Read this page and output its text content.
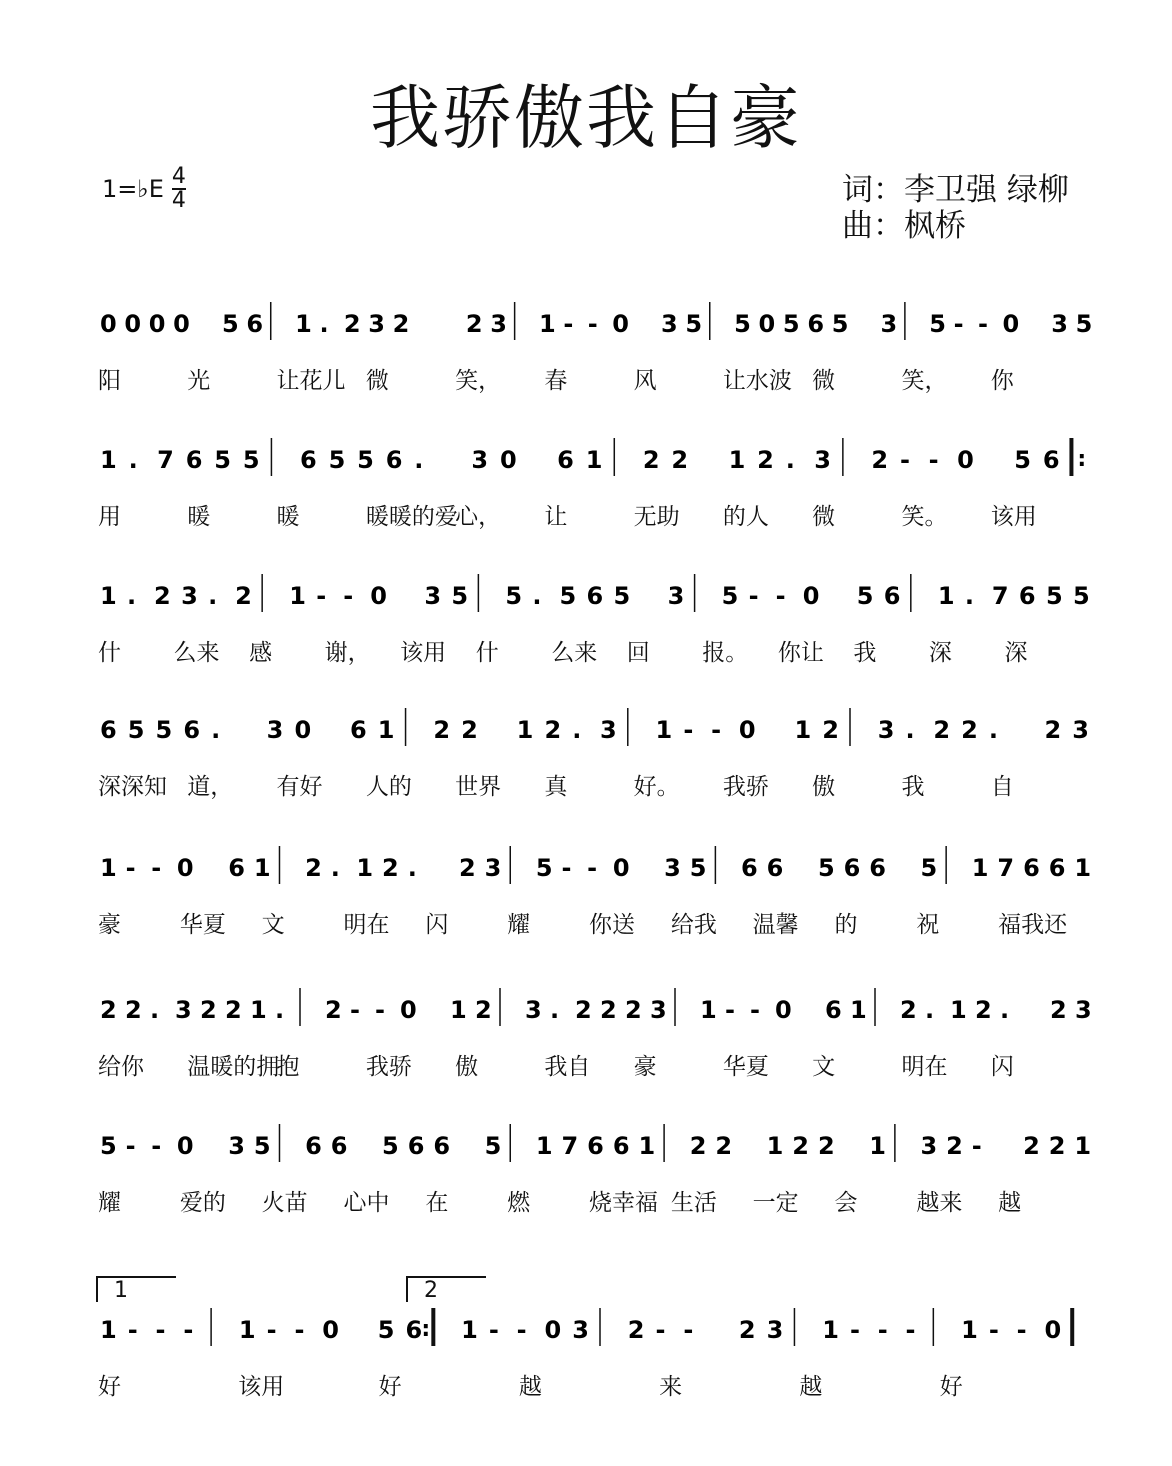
我骄傲我自豪
1=♭E 4
4	词：李卫强 绿柳
曲：枫桥
0 0 0 0 5 6 1 . 2 3 2 2 3 1 - - 0 3 5 5 0 5 6 5 3 5 - - 0 3 5
阳	光	让花儿 微	笑， 春	风	让水波 微	笑， 你
1 . 7 6 5 5 6 5 5 6 . 3 0 6 1 2 2 1 2 . 3 2 - - 0 5 6 :
用	暖	暖	暖暖的爱
心， 让	无助 的人 微	笑。 该用
1 . 2 3 . 2 1 - - 0 3 5 5 . 5 6 5 3 5 - - 0 5 6 1 . 7 6 5 5
什 么来 感 谢， 该用 什 么来 回 报。 你让 我 深 深
6 5 5 6 . 3 0 6 1 2 2 1 2 . 3 1 - - 0 1 2 3 . 2 2 . 2 3
深深知 道， 有好 人的 世界 真	好。 我骄 傲	我	自
1 - - 0 6 1 2 . 1 2 . 2 3 5 - - 0 3 5 6 6 5 6 6 5 1 7 6 6 1
豪	华夏 文	明在 闪	耀	你送 给我 温馨 的	祝	福我还
2 2 . 3 2 2 1 . 2 - - 0 1 2 3 . 2 2 2 3 1 - - 0 6 1 2 . 1 2 . 2 3
给你 温暖的拥
抱	我骄 傲	我自 豪	华夏 文	明在 闪
5 - - 0 3 5 6 6 5 6 6 5 1 7 6 6 1 2 2 1 2 2 1 3 2 - 2 2 1
耀	爱的 火苗 心中 在	燃	烧幸福 生活 一定 会	越来 越
1 - - - 1 - - 0 5 6 : 1 - - 0 3 2 - - 2 3 1 - - - 1 - - 0
好	该用	好	越	来	越	好
1	2
